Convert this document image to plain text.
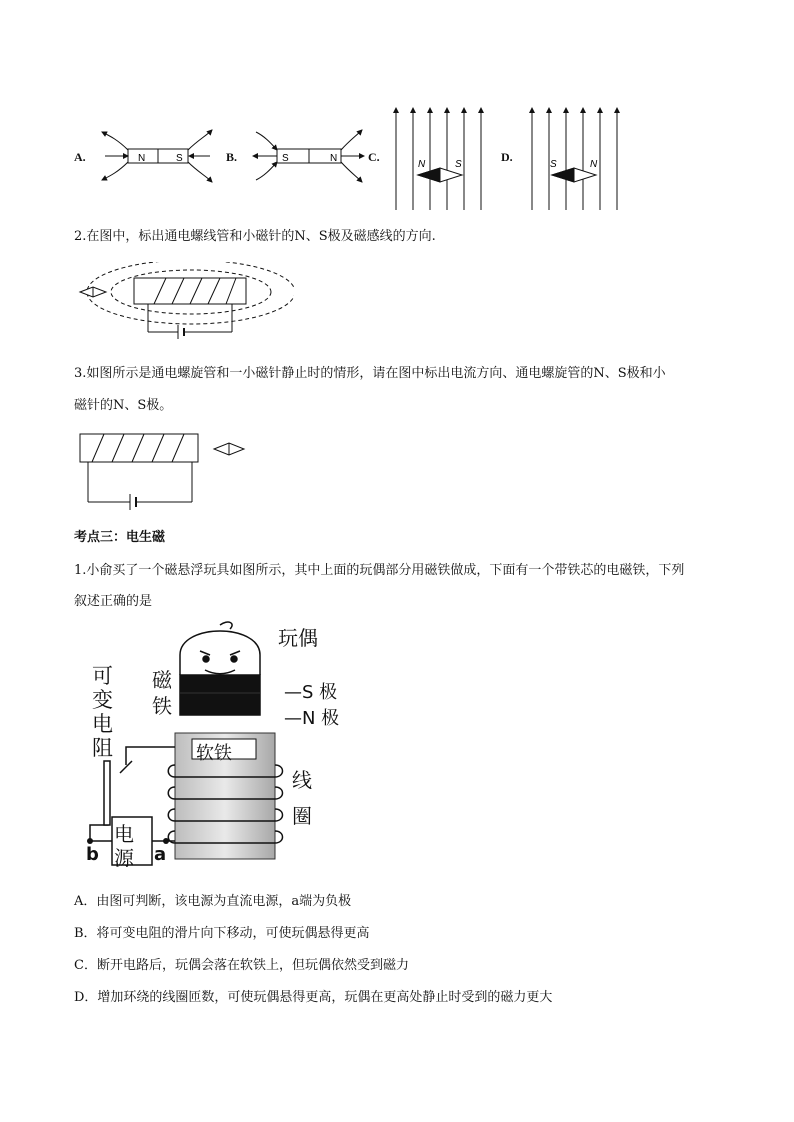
A.	B.	C.	D.
N	S	S	N
N	S	S	N
2.在图中，标出通电螺线管和小磁针的N、S极及磁感线的方向.
3.如图所示是通电螺旋管和一小磁针静止时的情形，请在图中标出电流方向、通电螺旋管的N、S极和小
磁针的N、S极。
考点三：电生磁
1.小俞买了一个磁悬浮玩具如图所示，其中上面的玩偶部分用磁铁做成，下面有一个带铁芯的电磁铁，下列
叙述正确的是
玩偶
磁
铁
—S 极
—N 极
可
变
电
阻	软铁
线
圈
电
源
b	a
A．由图可判断，该电源为直流电源，a端为负极
B．将可变电阻的滑片向下移动，可使玩偶悬得更高
C．断开电路后，玩偶会落在软铁上，但玩偶依然受到磁力
D．增加环绕的线圈匝数，可使玩偶悬得更高，玩偶在更高处静止时受到的磁力更大
